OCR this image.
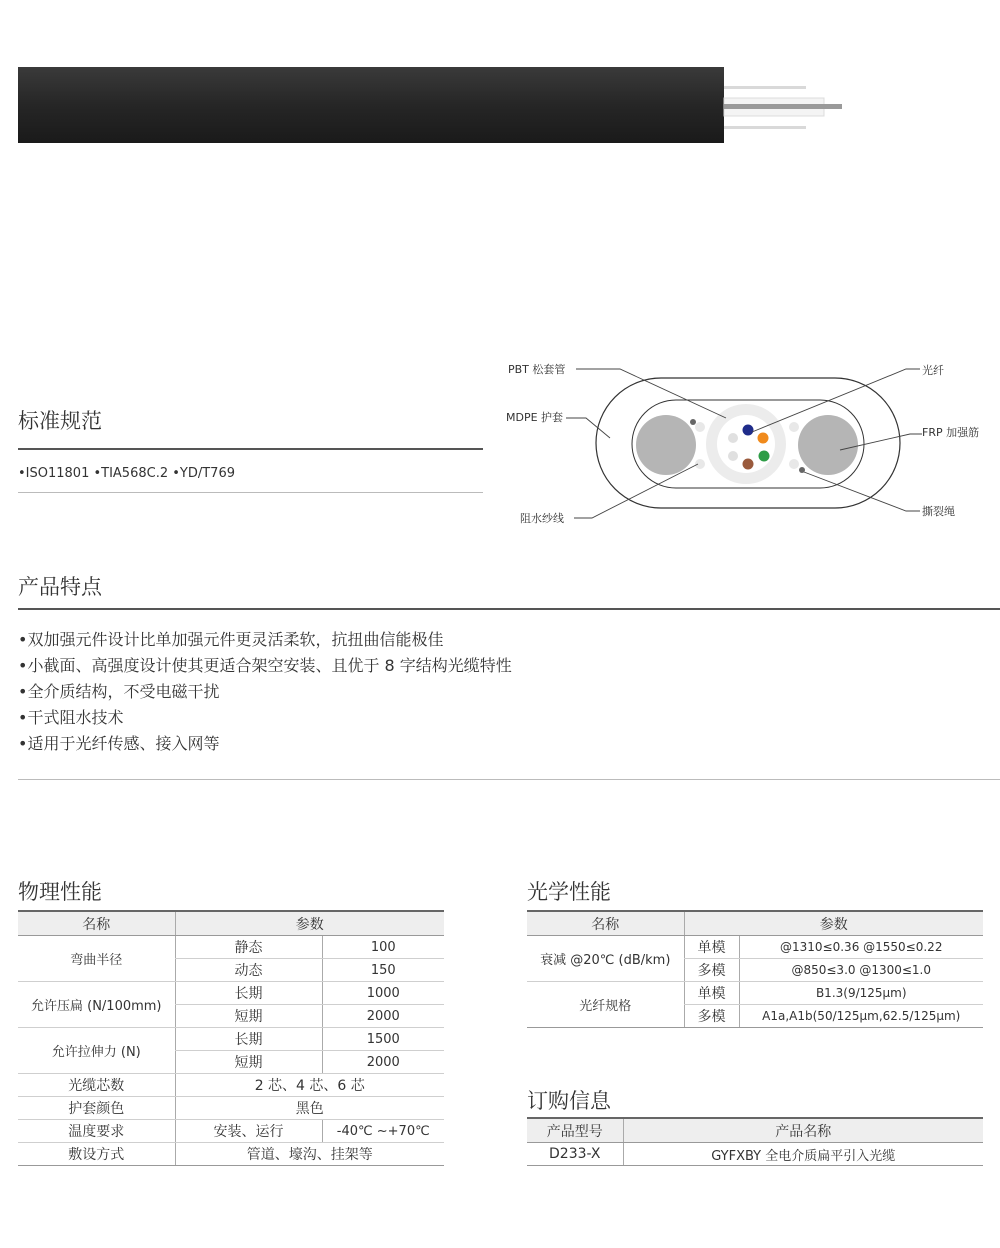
PBT 松套管
MDPE 护套
阻水纱线
光纤
FRP 加强筋
撕裂绳
标准规范
•ISO11801 •TIA568C.2 •YD/T769
产品特点
•双加强元件设计比单加强元件更灵活柔软，抗扭曲信能极佳
•小截面、高强度设计使其更适合架空安装、且优于 8 字结构光缆特性
•全介质结构，不受电磁干扰
•干式阻水技术
•适用于光纤传感、接入网等
物理性能
名称	参数	
弯曲半径	静态	100
	动态	150
允许压扁 (N/100mm)	长期	1000
	短期	2000
允许拉伸力 (N)	长期	1500
	短期	2000
光缆芯数	2 芯、4 芯、6 芯	
护套颜色	黑色	
温度要求	安装、运行	-40℃ ~+70℃
敷设方式	管道、壕沟、挂架等	
光学性能
名称	参数	
衰减 @20℃ (dB/km)	单模	@1310≤0.36 @1550≤0.22
	多模	@850≤3.0 @1300≤1.0
光纤规格	单模	B1.3(9/125μm)
	多模	A1a,A1b(50/125μm,62.5/125μm)
订购信息
产品型号	产品名称
D233-X	GYFXBY 全电介质扁平引入光缆
